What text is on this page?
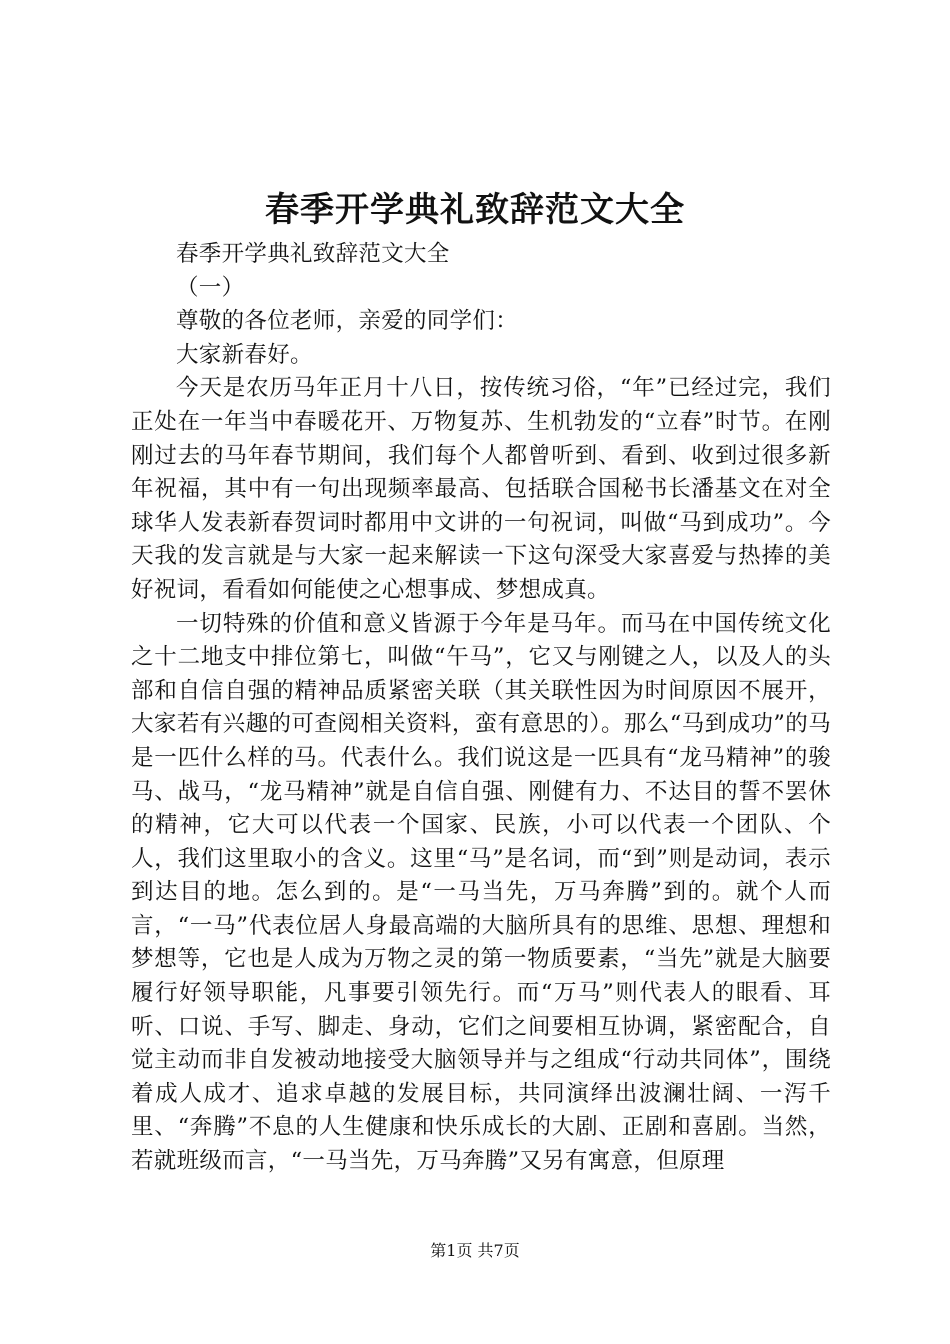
春季开学典礼致辞范文大全

春季开学典礼致辞范文大全

（一）

尊敬的各位老师，亲爱的同学们：

大家新春好。

今天是农历马年正月十八日，按传统习俗，“年”已经过完，我们正处在一年当中春暖花开、万物复苏、生机勃发的“立春”时节。在刚刚过去的马年春节期间，我们每个人都曾听到、看到、收到过很多新年祝福，其中有一句出现频率最高、包括联合国秘书长潘基文在对全球华人发表新春贺词时都用中文讲的一句祝词，叫做“马到成功”。今天我的发言就是与大家一起来解读一下这句深受大家喜爱与热捧的美好祝词，看看如何能使之心想事成、梦想成真。

一切特殊的价值和意义皆源于今年是马年。而马在中国传统文化之十二地支中排位第七，叫做“午马”，它又与刚键之人，以及人的头部和自信自强的精神品质紧密关联（其关联性因为时间原因不展开，大家若有兴趣的可查阅相关资料，蛮有意思的）。那么“马到成功”的马是一匹什么样的马。代表什么。我们说这是一匹具有“龙马精神”的骏马、战马，“龙马精神”就是自信自强、刚健有力、不达目的誓不罢休的精神，它大可以代表一个国家、民族，小可以代表一个团队、个人，我们这里取小的含义。这里“马”是名词，而“到”则是动词，表示到达目的地。怎么到的。是“一马当先，万马奔腾”到的。就个人而言，“一马”代表位居人身最高端的大脑所具有的思维、思想、理想和梦想等，它也是人成为万物之灵的第一物质要素，“当先”就是大脑要履行好领导职能，凡事要引领先行。而“万马”则代表人的眼看、耳听、口说、手写、脚走、身动，它们之间要相互协调，紧密配合，自觉主动而非自发被动地接受大脑领导并与之组成“行动共同体”，围绕着成人成才、追求卓越的发展目标，共同演绎出波澜壮阔、一泻千里、“奔腾”不息的人生健康和快乐成长的大剧、正剧和喜剧。当然，若就班级而言，“一马当先，万马奔腾”又另有寓意，但原理

第1页 共7页
